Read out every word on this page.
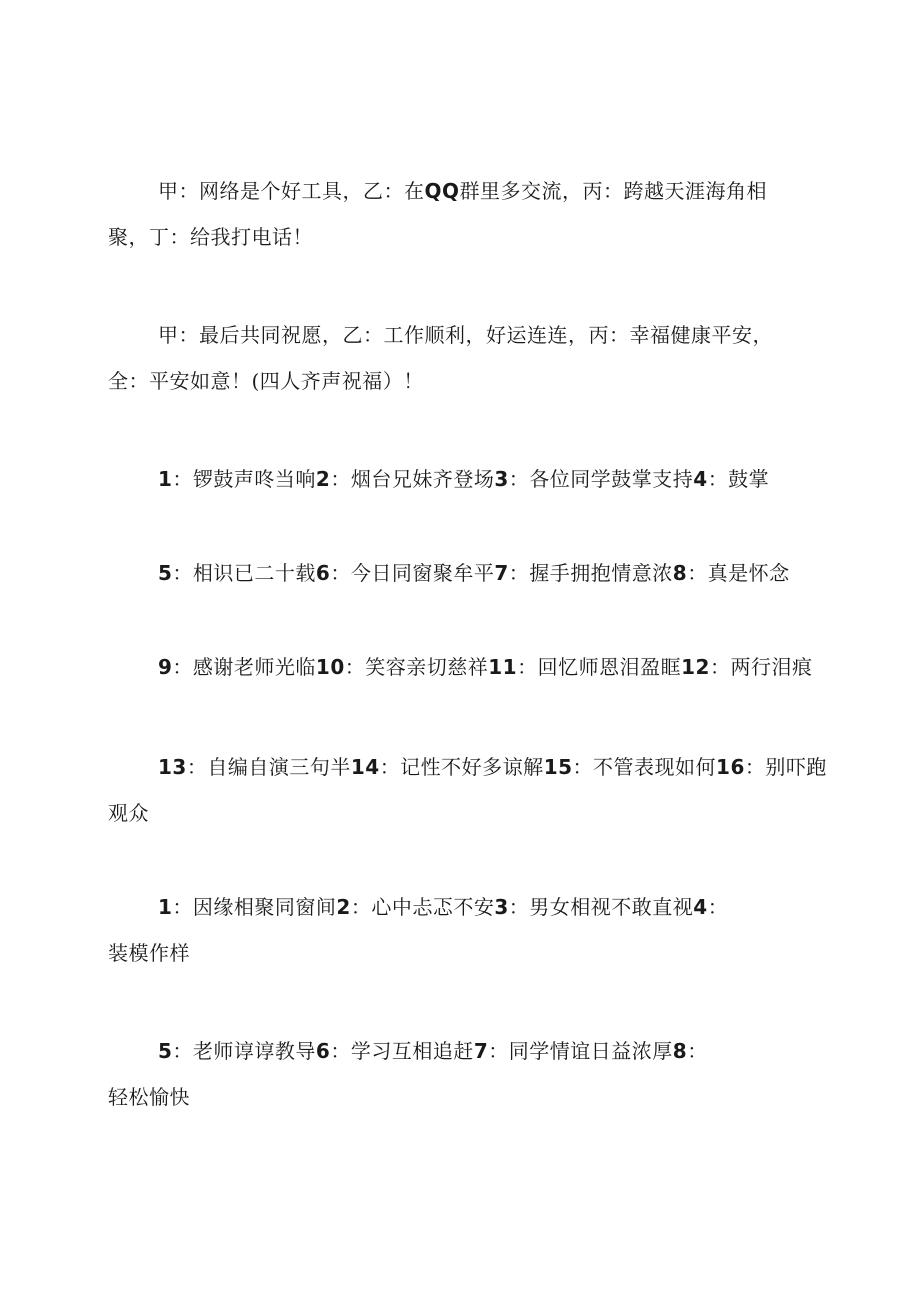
甲：网络是个好工具，乙：在QQ群里多交流，丙：跨越天涯海角相
聚，丁：给我打电话！

甲：最后共同祝愿，乙：工作顺利，好运连连，丙：幸福健康平安，
全：平安如意！(四人齐声祝福）！

1：锣鼓声咚当响2：烟台兄妹齐登场3：各位同学鼓掌支持4：鼓掌

5：相识已二十载6：今日同窗聚牟平7：握手拥抱情意浓8：真是怀念

9：感谢老师光临10：笑容亲切慈祥11：回忆师恩泪盈眶12：两行泪痕

13：自编自演三句半14：记性不好多谅解15：不管表现如何16：别吓跑
观众

1：因缘相聚同窗间2：心中忐忑不安3：男女相视不敢直视4：
装模作样

5：老师谆谆教导6：学习互相追赶7：同学情谊日益浓厚8：
轻松愉快
